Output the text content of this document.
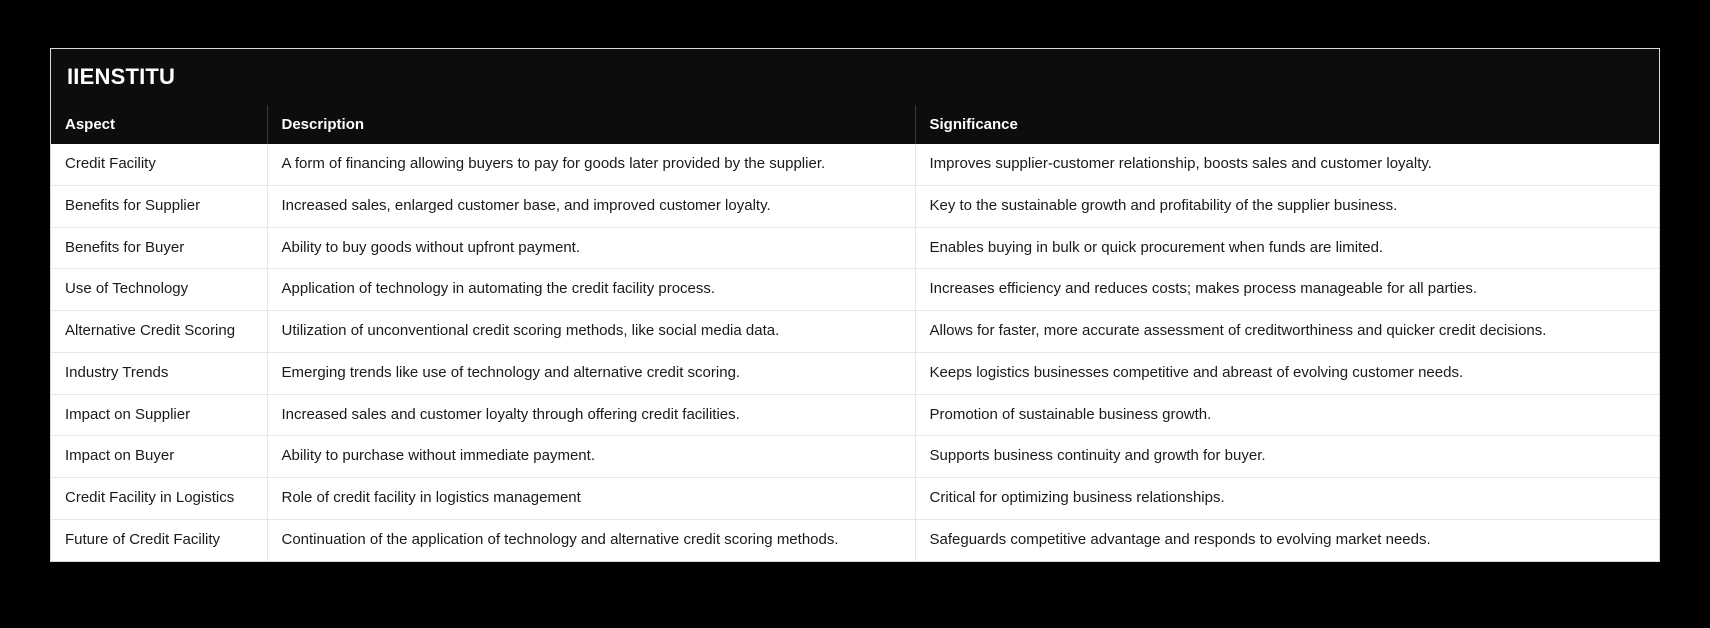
IIENSTITU
Aspect	Description	Significance
Credit Facility	A form of financing allowing buyers to pay for goods later provided by the supplier.	Improves supplier-customer relationship, boosts sales and customer loyalty.
Benefits for Supplier	Increased sales, enlarged customer base, and improved customer loyalty.	Key to the sustainable growth and profitability of the supplier business.
Benefits for Buyer	Ability to buy goods without upfront payment.	Enables buying in bulk or quick procurement when funds are limited.
Use of Technology	Application of technology in automating the credit facility process.	Increases efficiency and reduces costs; makes process manageable for all parties.
Alternative Credit Scoring	Utilization of unconventional credit scoring methods, like social media data.	Allows for faster, more accurate assessment of creditworthiness and quicker credit decisions.
Industry Trends	Emerging trends like use of technology and alternative credit scoring.	Keeps logistics businesses competitive and abreast of evolving customer needs.
Impact on Supplier	Increased sales and customer loyalty through offering credit facilities.	Promotion of sustainable business growth.
Impact on Buyer	Ability to purchase without immediate payment.	Supports business continuity and growth for buyer.
Credit Facility in Logistics	Role of credit facility in logistics management	Critical for optimizing business relationships.
Future of Credit Facility	Continuation of the application of technology and alternative credit scoring methods.	Safeguards competitive advantage and responds to evolving market needs.
